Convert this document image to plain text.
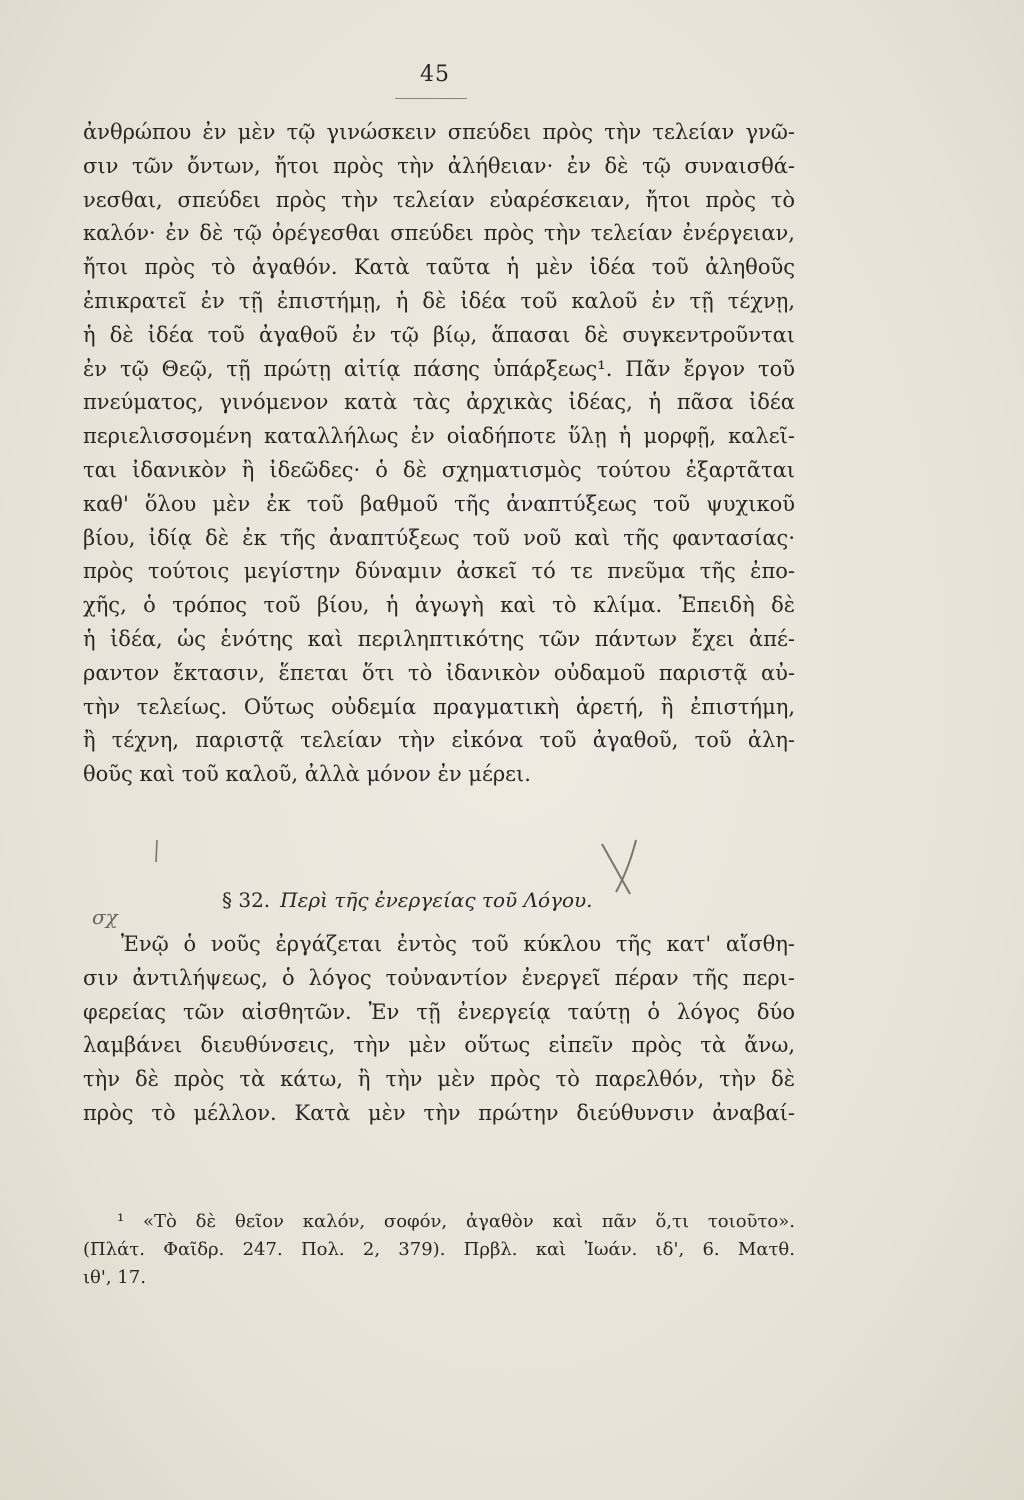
45
ἀνθρώπου ἐν μὲν τῷ γινώσκειν σπεύδει πρὸς τὴν τελείαν γνῶ-
σιν τῶν ὄντων, ἤτοι πρὸς τὴν ἀλήθειαν· ἐν δὲ τῷ συναισθά-
νεσθαι, σπεύδει πρὸς τὴν τελείαν εὐαρέσκειαν, ἤτοι πρὸς τὸ
καλόν· ἐν δὲ τῷ ὀρέγεσθαι σπεύδει πρὸς τὴν τελείαν ἐνέργειαν,
ἤτοι πρὸς τὸ ἀγαθόν. Κατὰ ταῦτα ἡ μὲν ἰδέα τοῦ ἀληθοῦς
ἐπικρατεῖ ἐν τῇ ἐπιστήμῃ, ἡ δὲ ἰδέα τοῦ καλοῦ ἐν τῇ τέχνῃ,
ἡ δὲ ἰδέα τοῦ ἀγαθοῦ ἐν τῷ βίῳ, ἅπασαι δὲ συγκεντροῦνται
ἐν τῷ Θεῷ, τῇ πρώτῃ αἰτίᾳ πάσης ὑπάρξεως¹. Πᾶν ἔργον τοῦ
πνεύματος, γινόμενον κατὰ τὰς ἀρχικὰς ἰδέας, ἡ πᾶσα ἰδέα
περιελισσομένη καταλλήλως ἐν οἱαδήποτε ὕλῃ ἡ μορφῇ, καλεῖ-
ται ἰδανικὸν ἢ ἰδεῶδες· ὁ δὲ σχηματισμὸς τούτου ἐξαρτᾶται
καθ' ὅλου μὲν ἐκ τοῦ βαθμοῦ τῆς ἀναπτύξεως τοῦ ψυχικοῦ
βίου, ἰδίᾳ δὲ ἐκ τῆς ἀναπτύξεως τοῦ νοῦ καὶ τῆς φαντασίας·
πρὸς τούτοις μεγίστην δύναμιν ἀσκεῖ τό τε πνεῦμα τῆς ἐπο-
χῆς, ὁ τρόπος τοῦ βίου, ἡ ἀγωγὴ καὶ τὸ κλίμα. Ἐπειδὴ δὲ
ἡ ἰδέα, ὡς ἑνότης καὶ περιληπτικότης τῶν πάντων ἔχει ἀπέ-
ραντον ἔκτασιν, ἕπεται ὅτι τὸ ἰδανικὸν οὐδαμοῦ παριστᾷ αὐ-
τὴν τελείως. Οὕτως οὐδεμία πραγματικὴ ἀρετή, ἢ ἐπιστήμη,
ἢ τέχνη, παριστᾷ τελείαν τὴν εἰκόνα τοῦ ἀγαθοῦ, τοῦ ἀλη-
θοῦς καὶ τοῦ καλοῦ, ἀλλὰ μόνον ἐν μέρει.
σχ
§ 32. Περὶ τῆς ἐνεργείας τοῦ Λόγου.
Ἐνῷ ὁ νοῦς ἐργάζεται ἐντὸς τοῦ κύκλου τῆς κατ' αἴσθη-
σιν ἀντιλήψεως, ὁ λόγος τοὐναντίον ἐνεργεῖ πέραν τῆς περι-
φερείας τῶν αἰσθητῶν. Ἐν τῇ ἐνεργείᾳ ταύτῃ ὁ λόγος δύο
λαμβάνει διευθύνσεις, τὴν μὲν οὕτως εἰπεῖν πρὸς τὰ ἄνω,
τὴν δὲ πρὸς τὰ κάτω, ἢ τὴν μὲν πρὸς τὸ παρελθόν, τὴν δὲ
πρὸς τὸ μέλλον. Κατὰ μὲν τὴν πρώτην διεύθυνσιν ἀναβαί-
¹ «Τὸ δὲ θεῖον καλόν, σοφόν, ἀγαθὸν καὶ πᾶν ὅ,τι τοιοῦτο».
(Πλάτ. Φαῖδρ. 247. Πολ. 2, 379). Πρβλ. καὶ Ἰωάν. ιδ', 6. Ματθ.
ιθ', 17.
